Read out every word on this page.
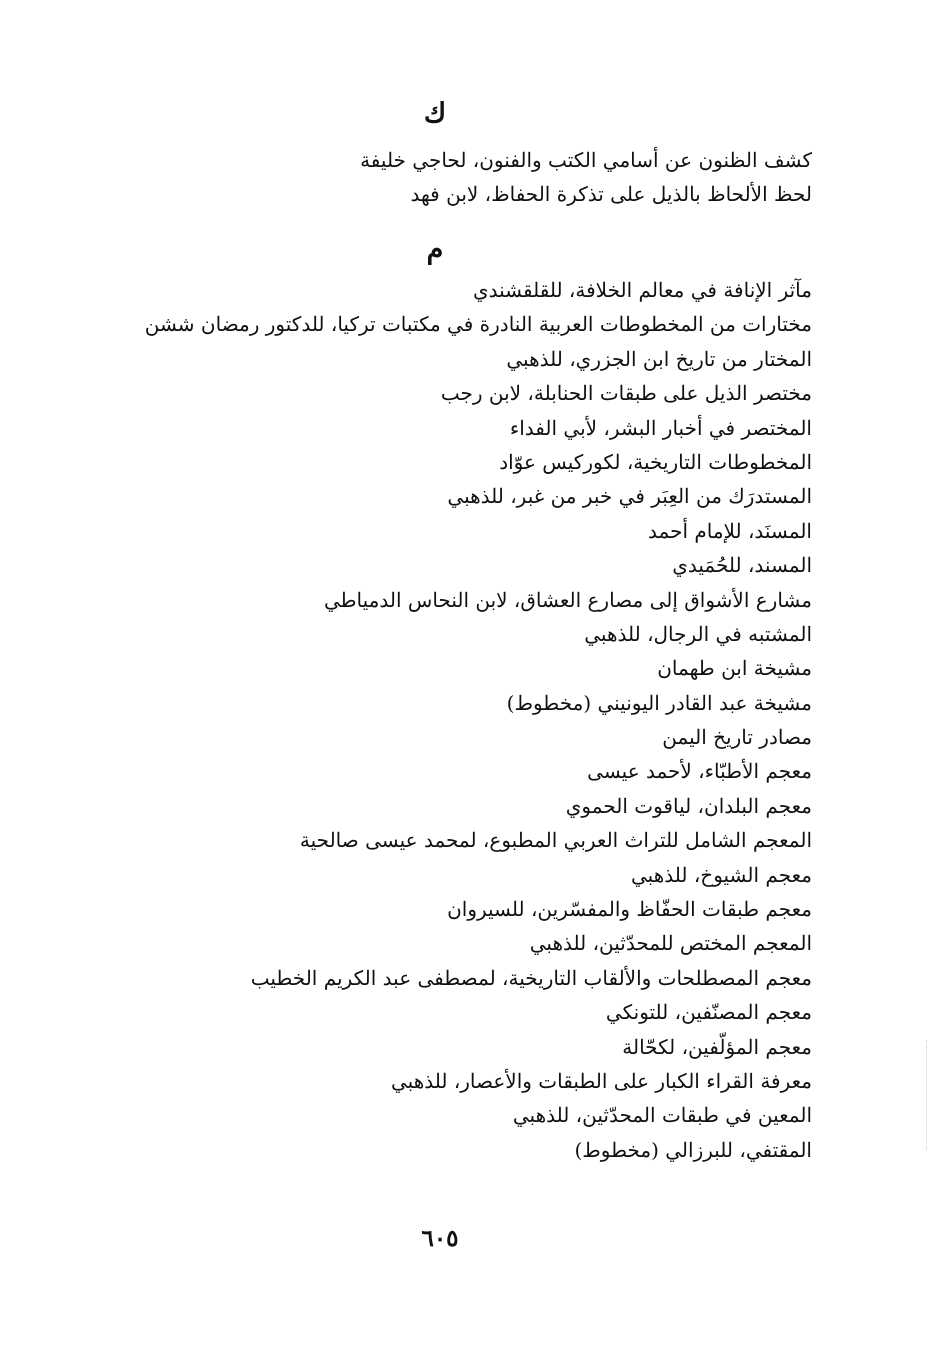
ك
كشف الظنون عن أسامي الكتب والفنون، لحاجي خليفة
لحظ الألحاظ بالذيل على تذكرة الحفاظ، لابن فهد
م
مآثر الإنافة في معالم الخلافة، للقلقشندي
مختارات من المخطوطات العربية النادرة في مكتبات تركيا، للدكتور رمضان ششن
المختار من تاريخ ابن الجزري، للذهبي
مختصر الذيل على طبقات الحنابلة، لابن رجب
المختصر في أخبار البشر، لأبي الفداء
المخطوطات التاريخية، لكوركيس عوّاد
المستدرَك من العِبَر في خبر من غبر، للذهبي
المسنَد، للإمام أحمد
المسند، للحُمَيدي
مشارع الأشواق إلى مصارع العشاق، لابن النحاس الدمياطي
المشتبه في الرجال، للذهبي
مشيخة ابن طهمان
مشيخة عبد القادر اليونيني (مخطوط)
مصادر تاريخ اليمن
معجم الأطبّاء، لأحمد عيسى
معجم البلدان، لياقوت الحموي
المعجم الشامل للتراث العربي المطبوع، لمحمد عيسى صالحية
معجم الشيوخ، للذهبي
معجم طبقات الحفّاظ والمفسّرين، للسيروان
المعجم المختص للمحدّثين، للذهبي
معجم المصطلحات والألقاب التاريخية، لمصطفى عبد الكريم الخطيب
معجم المصنّفين، للتونكي
معجم المؤلّفين، لكحّالة
معرفة القراء الكبار على الطبقات والأعصار، للذهبي
المعين في طبقات المحدّثين، للذهبي
المقتفي، للبرزالي (مخطوط)
٦٠٥
